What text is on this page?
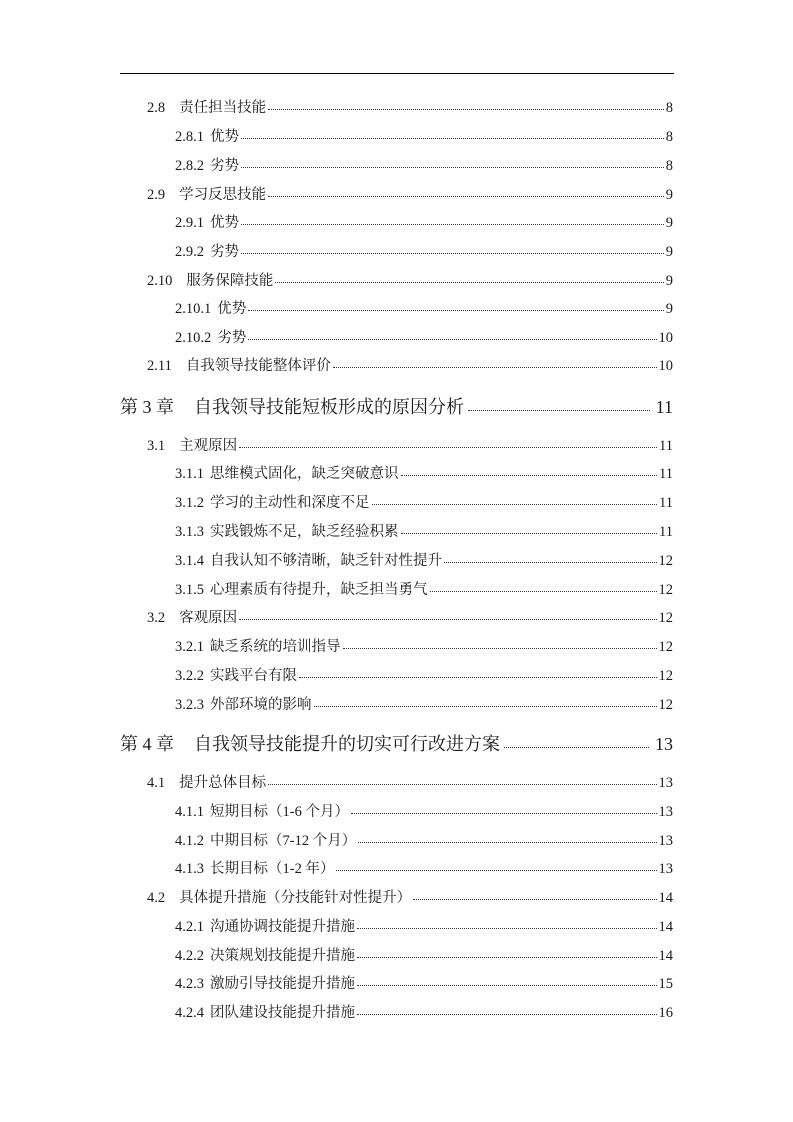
2.8 责任担当技能	8
2.8.1 优势	8
2.8.2 劣势	8
2.9 学习反思技能	9
2.9.1 优势	9
2.9.2 劣势	9
2.10 服务保障技能	9
2.10.1 优势	9
2.10.2 劣势	10
2.11 自我领导技能整体评价	10
第 3 章 自我领导技能短板形成的原因分析	11
3.1 主观原因	11
3.1.1 思维模式固化，缺乏突破意识	11
3.1.2 学习的主动性和深度不足	11
3.1.3 实践锻炼不足，缺乏经验积累	11
3.1.4 自我认知不够清晰，缺乏针对性提升	12
3.1.5 心理素质有待提升，缺乏担当勇气	12
3.2 客观原因	12
3.2.1 缺乏系统的培训指导	12
3.2.2 实践平台有限	12
3.2.3 外部环境的影响	12
第 4 章 自我领导技能提升的切实可行改进方案	13
4.1 提升总体目标	13
4.1.1 短期目标（1-6 个月）	13
4.1.2 中期目标（7-12 个月）	13
4.1.3 长期目标（1-2 年）	13
4.2 具体提升措施（分技能针对性提升）	14
4.2.1 沟通协调技能提升措施	14
4.2.2 决策规划技能提升措施	14
4.2.3 激励引导技能提升措施	15
4.2.4 团队建设技能提升措施	16
